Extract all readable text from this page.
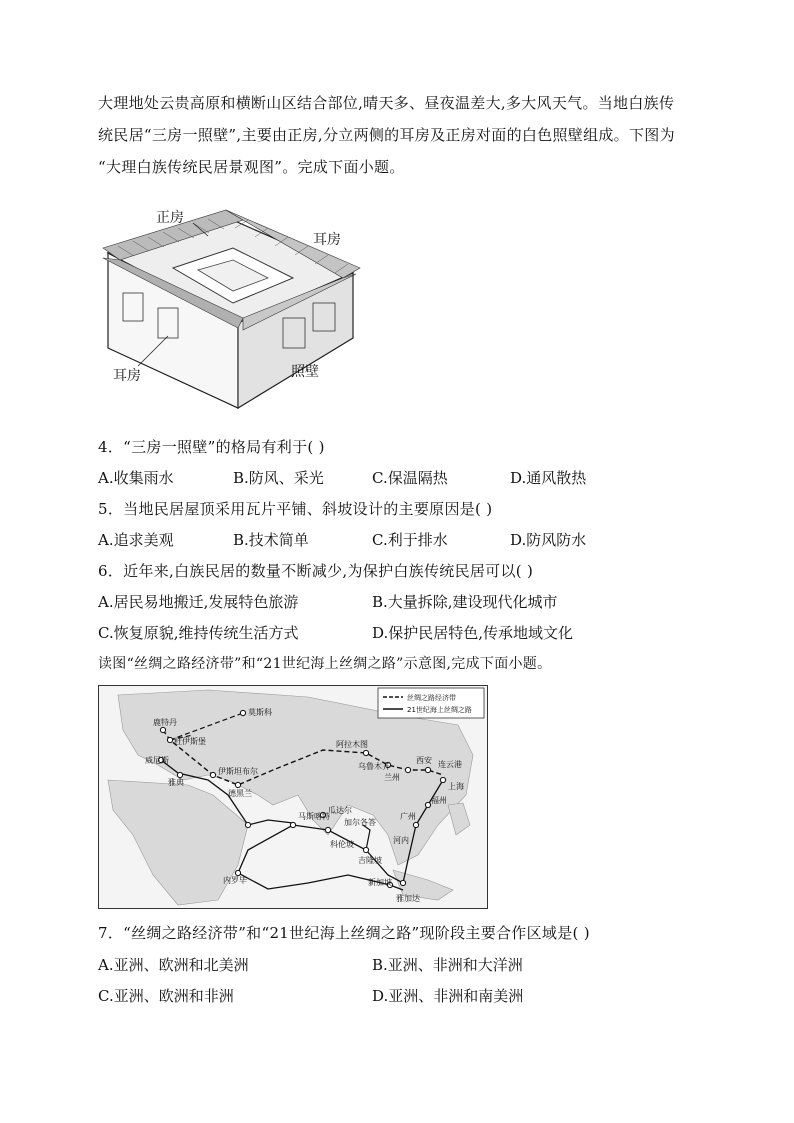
大理地处云贵高原和横断山区结合部位,晴天多、昼夜温差大,多大风天气。当地白族传
统民居“三房一照壁”,主要由正房,分立两侧的耳房及正房对面的白色照壁组成。下图为
“大理白族传统民居景观图”。完成下面小题。
正房
耳房
耳房	照壁
4．“三房一照壁”的格局有利于( )
A.收集雨水	B.防风、采光	C.保温隔热	D.通风散热
5．当地民居屋顶采用瓦片平铺、斜坡设计的主要原因是( )
A.追求美观	B.技术简单	C.利于排水	D.防风防水
6．近年来,白族民居的数量不断减少,为保护白族传统民居可以( )
A.居民易地搬迁,发展特色旅游	B.大量拆除,建设现代化城市
C.恢复原貌,维持传统生活方式	D.保护民居特色,传承地域文化
读图“丝绸之路经济带”和“21世纪海上丝绸之路”示意图,完成下面小题。
丝绸之路经济带
21世纪海上丝绸之路
鹿特丹
莫斯科
杜伊斯堡
威尼斯
伊斯坦布尔
雅典
德黑兰
阿拉木图
乌鲁木齐
兰州
西安 连云港
上海
福州
广州
河内
瓜达尔
加尔各答
马斯喀特
科伦坡
内罗毕	新加坡
雅加达
吉隆坡
7．“丝绸之路经济带”和“21世纪海上丝绸之路”现阶段主要合作区域是( )
A.亚洲、欧洲和北美洲	B.亚洲、非洲和大洋洲
C.亚洲、欧洲和非洲	D.亚洲、非洲和南美洲
